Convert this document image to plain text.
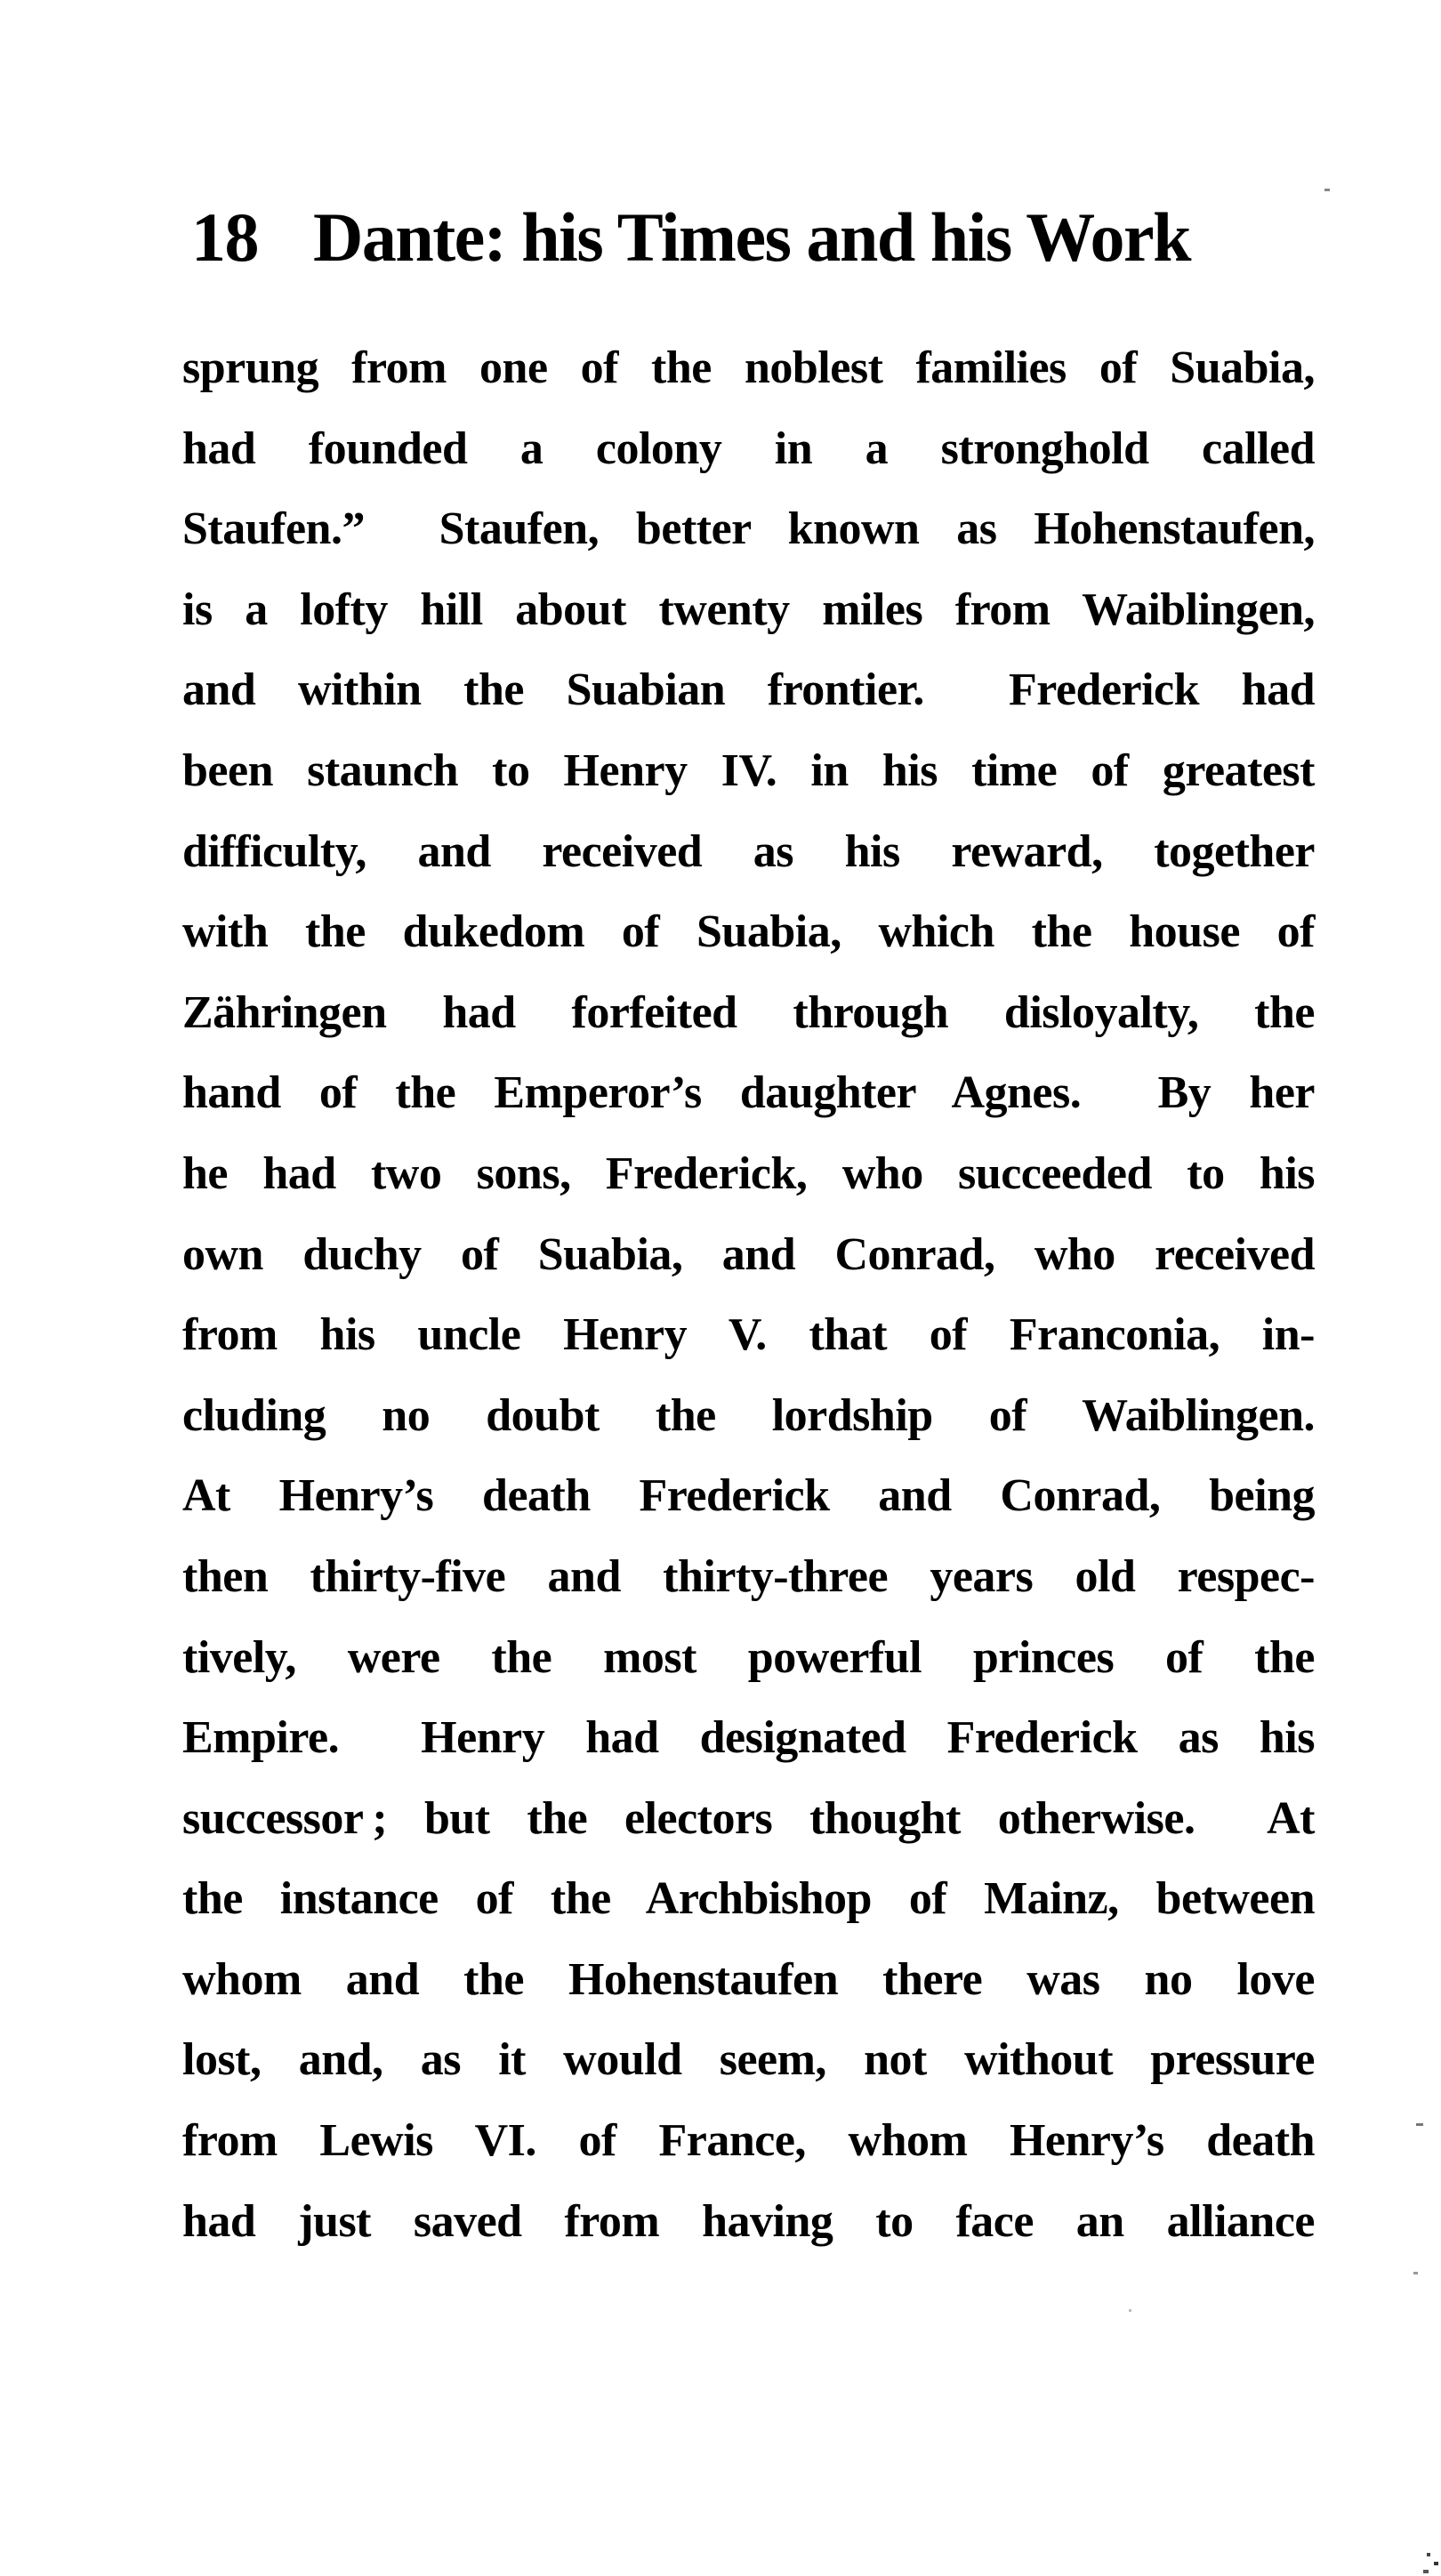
18 Dante: his Times and his Work
sprung from one of the noblest families of Suabia,
had founded a colony in a stronghold called
Staufen.”  Staufen, better known as Hohenstaufen,
is a lofty hill about twenty miles from Waiblingen,
and within the Suabian frontier.  Frederick had
been staunch to Henry IV. in his time of greatest
difficulty, and received as his reward, together
with the dukedom of Suabia, which the house of
Zähringen had forfeited through disloyalty, the
hand of the Emperor’s daughter Agnes.  By her
he had two sons, Frederick, who succeeded to his
own duchy of Suabia, and Conrad, who received
from his uncle Henry V. that of Franconia, in-
cluding no doubt the lordship of Waiblingen.
At Henry’s death Frederick and Conrad, being
then thirty-five and thirty-three years old respec-
tively, were the most powerful princes of the
Empire.  Henry had designated Frederick as his
successor ; but the electors thought otherwise.  At
the instance of the Archbishop of Mainz, between
whom and the Hohenstaufen there was no love
lost, and, as it would seem, not without pressure
from Lewis VI. of France, whom Henry’s death
had just saved from having to face an alliance
